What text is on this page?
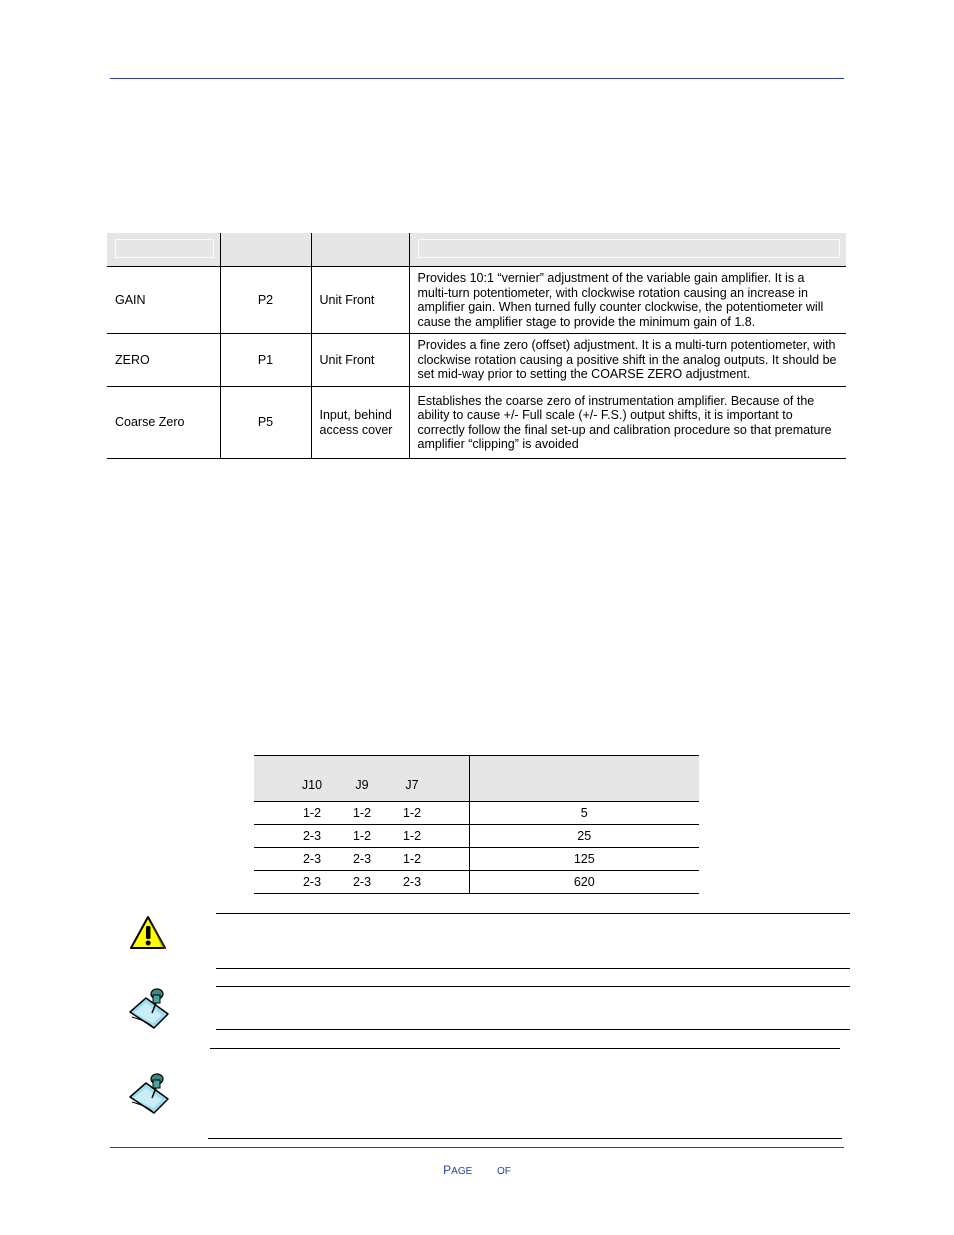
GAIN	P2	Unit Front	Provides 10:1 “vernier” adjustment of the variable gain amplifier. It is a multi-turn potentiometer, with clockwise rotation causing an increase in amplifier gain. When turned fully counter clockwise, the potentiometer will cause the amplifier stage to provide the minimum gain of 1.8.
ZERO	P1	Unit Front	Provides a fine zero (offset) adjustment. It is a multi-turn potentiometer, with clockwise rotation causing a positive shift in the analog outputs. It should be set mid-way prior to setting the COARSE ZERO adjustment.
Coarse Zero	P5	Input, behind access cover	Establishes the coarse zero of instrumentation amplifier. Because of the ability to cause +/- Full scale (+/- F.S.) output shifts, it is important to correctly follow the final set-up and calibration procedure so that premature amplifier “clipping” is avoided
J10 J9 J7	

1-2 1-2 1-2	5

2-3 1-2 1-2	25

2-3 2-3 1-2	125

2-3 2-3 2-3	620
PAGE OF
